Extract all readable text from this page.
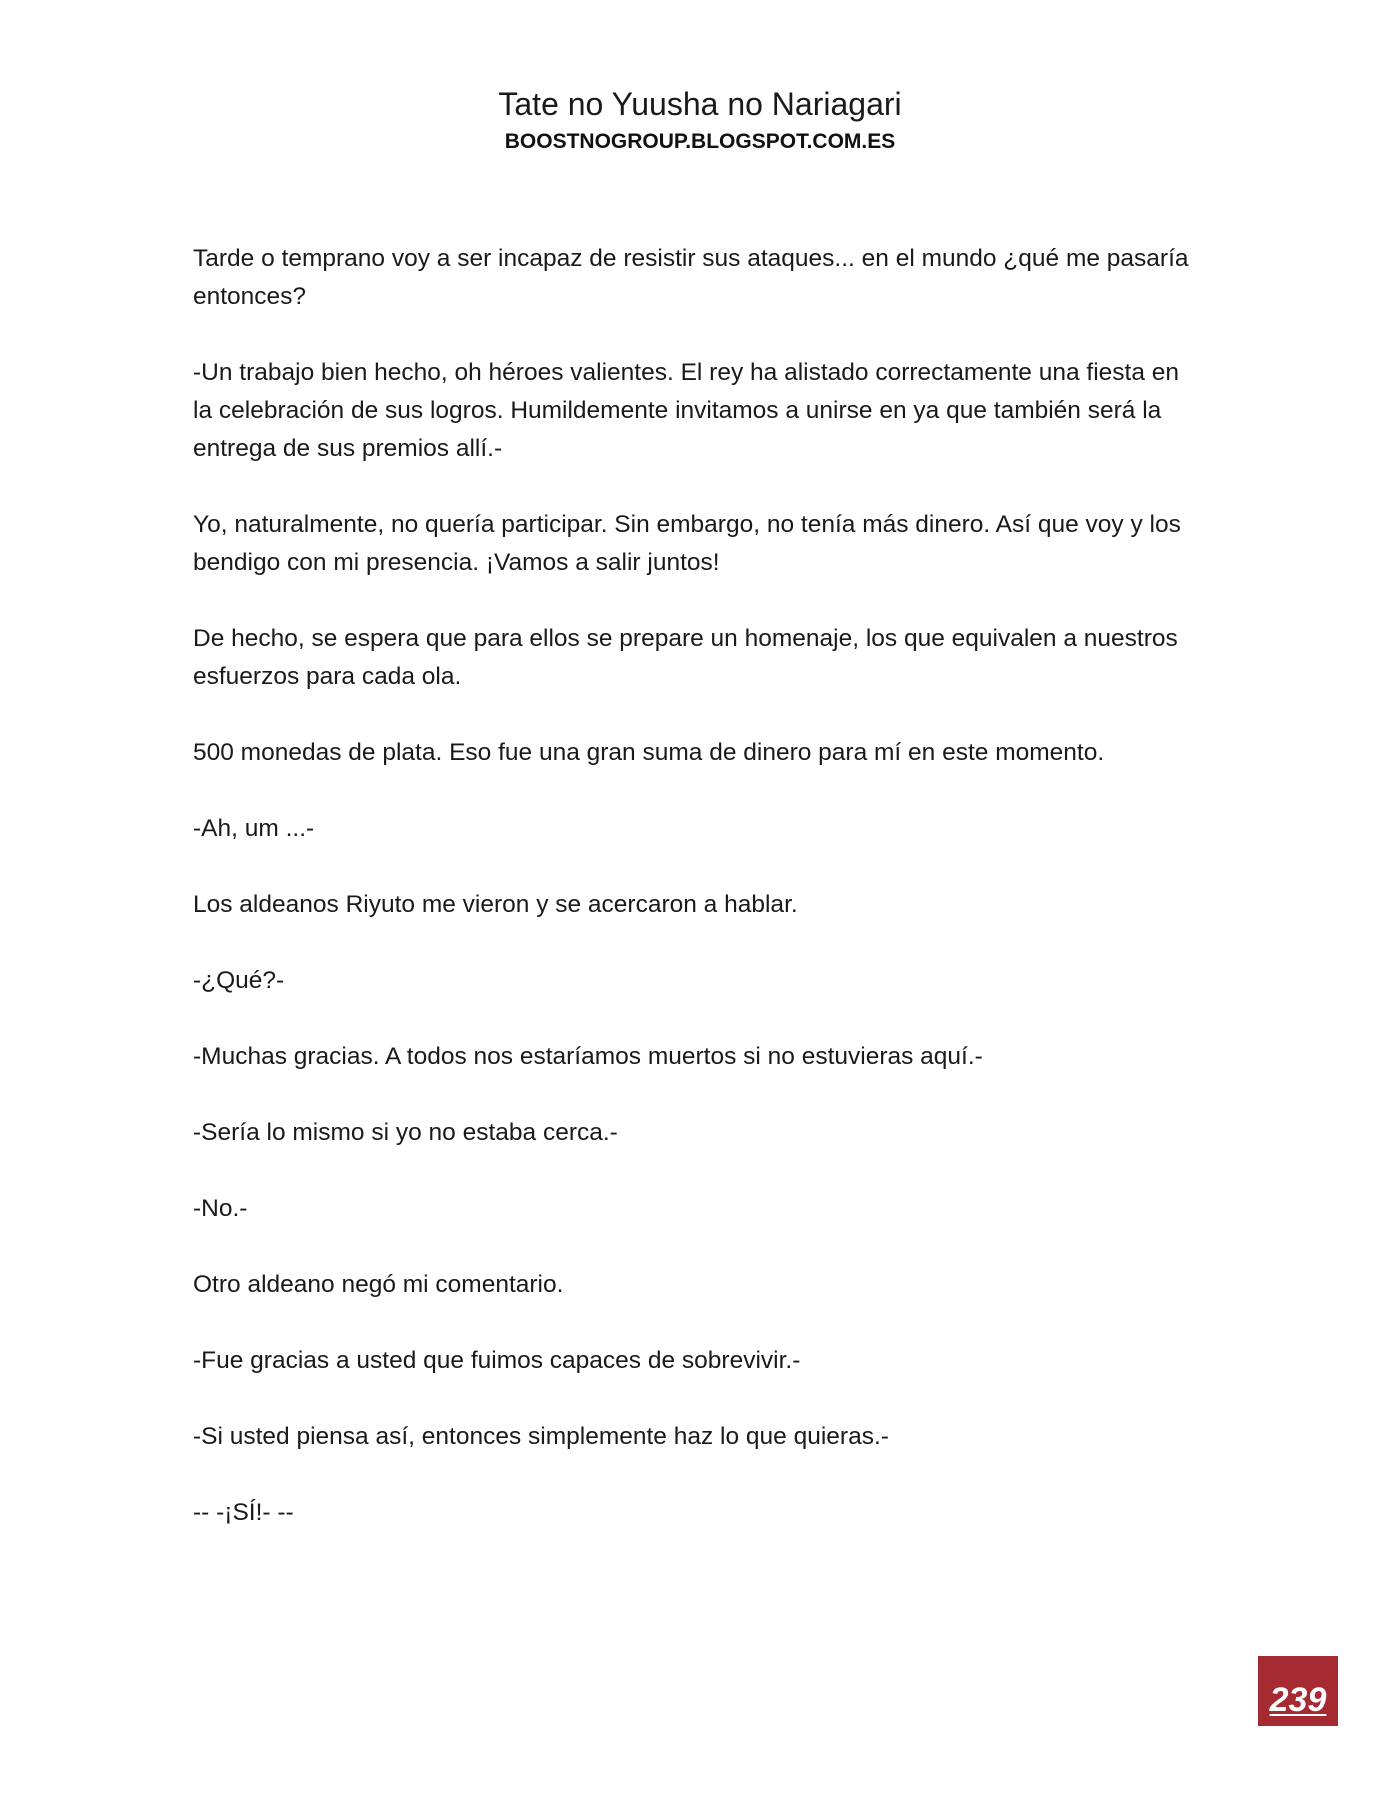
Tate no Yuusha no Nariagari
BOOSTNOGROUP.BLOGSPOT.COM.ES

Tarde o temprano voy a ser incapaz de resistir sus ataques... en el mundo ¿qué me pasaría entonces?

-Un trabajo bien hecho, oh héroes valientes. El rey ha alistado correctamente una fiesta en la celebración de sus logros. Humildemente invitamos a unirse en ya que también será la entrega de sus premios allí.-

Yo, naturalmente, no quería participar. Sin embargo, no tenía más dinero. Así que voy y los bendigo con mi presencia. ¡Vamos a salir juntos!

De hecho, se espera que para ellos se prepare un homenaje, los que equivalen a nuestros esfuerzos para cada ola.

500 monedas de plata. Eso fue una gran suma de dinero para mí en este momento.

-Ah, um ...-

Los aldeanos Riyuto me vieron y se acercaron a hablar.

-¿Qué?-

-Muchas gracias. A todos nos estaríamos muertos si no estuvieras aquí.-

-Sería lo mismo si yo no estaba cerca.-

-No.-

Otro aldeano negó mi comentario.

-Fue gracias a usted que fuimos capaces de sobrevivir.-

-Si usted piensa así, entonces simplemente haz lo que quieras.-

-- -¡SÍ!- --

239
